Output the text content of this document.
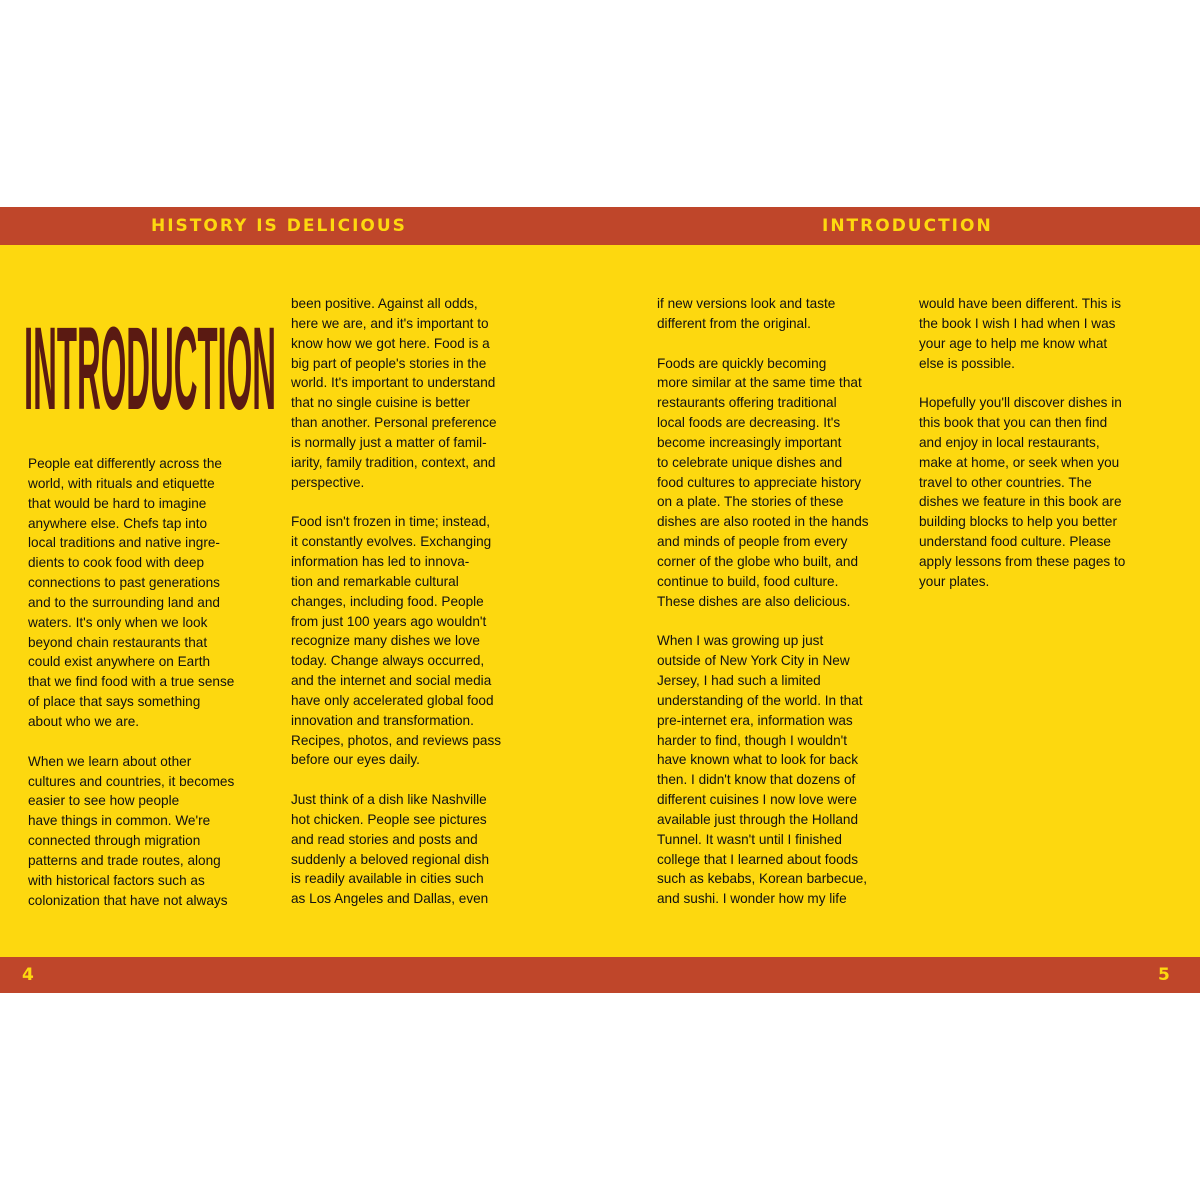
HISTORY IS DELICIOUS	INTRODUCTION
INTRODUCTION

People eat differently across the
world, with rituals and etiquette
that would be hard to imagine
anywhere else. Chefs tap into
local traditions and native ingre-
dients to cook food with deep
connections to past generations
and to the surrounding land and
waters. It's only when we look
beyond chain restaurants that
could exist anywhere on Earth
that we find food with a true sense
of place that says something
about who we are.

When we learn about other
cultures and countries, it becomes
easier to see how people
have things in common. We're
connected through migration
patterns and trade routes, along
with historical factors such as
colonization that have not always

been positive. Against all odds,
here we are, and it's important to
know how we got here. Food is a
big part of people's stories in the
world. It's important to understand
that no single cuisine is better
than another. Personal preference
is normally just a matter of famil-
iarity, family tradition, context, and
perspective.

Food isn't frozen in time; instead,
it constantly evolves. Exchanging
information has led to innova-
tion and remarkable cultural
changes, including food. People
from just 100 years ago wouldn't
recognize many dishes we love
today. Change always occurred,
and the internet and social media
have only accelerated global food
innovation and transformation.
Recipes, photos, and reviews pass
before our eyes daily.

Just think of a dish like Nashville
hot chicken. People see pictures
and read stories and posts and
suddenly a beloved regional dish
is readily available in cities such
as Los Angeles and Dallas, even

if new versions look and taste
different from the original.

Foods are quickly becoming
more similar at the same time that
restaurants offering traditional
local foods are decreasing. It's
become increasingly important
to celebrate unique dishes and
food cultures to appreciate history
on a plate. The stories of these
dishes are also rooted in the hands
and minds of people from every
corner of the globe who built, and
continue to build, food culture.
These dishes are also delicious.

When I was growing up just
outside of New York City in New
Jersey, I had such a limited
understanding of the world. In that
pre-internet era, information was
harder to find, though I wouldn't
have known what to look for back
then. I didn't know that dozens of
different cuisines I now love were
available just through the Holland
Tunnel. It wasn't until I finished
college that I learned about foods
such as kebabs, Korean barbecue,
and sushi. I wonder how my life

would have been different. This is
the book I wish I had when I was
your age to help me know what
else is possible.

Hopefully you'll discover dishes in
this book that you can then find
and enjoy in local restaurants,
make at home, or seek when you
travel to other countries. The
dishes we feature in this book are
building blocks to help you better
understand food culture. Please
apply lessons from these pages to
your plates.

4	5
